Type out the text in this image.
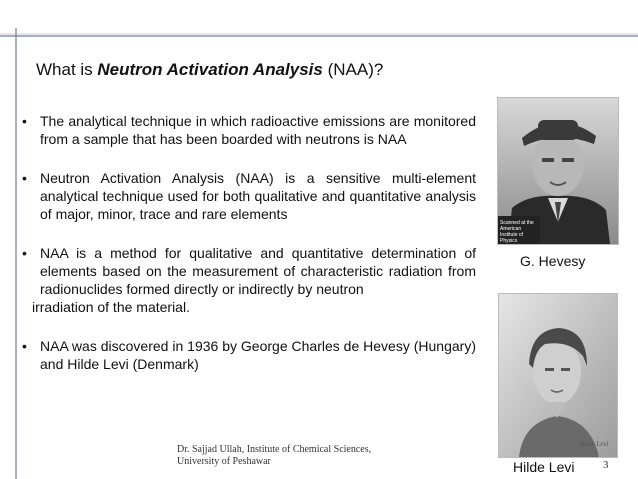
What is Neutron Activation Analysis (NAA)?
• The analytical technique in which radioactive emissions are monitored from a sample that has been boarded with neutrons is NAA
• Neutron Activation Analysis (NAA) is a sensitive multi-element analytical technique used for both qualitative and quantitative analysis of major, minor, trace and rare elements
• NAA is a method for qualitative and quantitative determination of elements based on the measurement of characteristic radiation from radionuclides formed directly or indirectly by neutron
irradiation of the material.
• NAA was discovered in 1936 by George Charles de Hevesy (Hungary) and Hilde Levi (Denmark)
Scanned at the American Institute of Physics
G. Hevesy
Hilde Levi
Hilde Levi
Dr. Sajjad Ullah, Institute of Chemical Sciences,
University of Peshawar	3
